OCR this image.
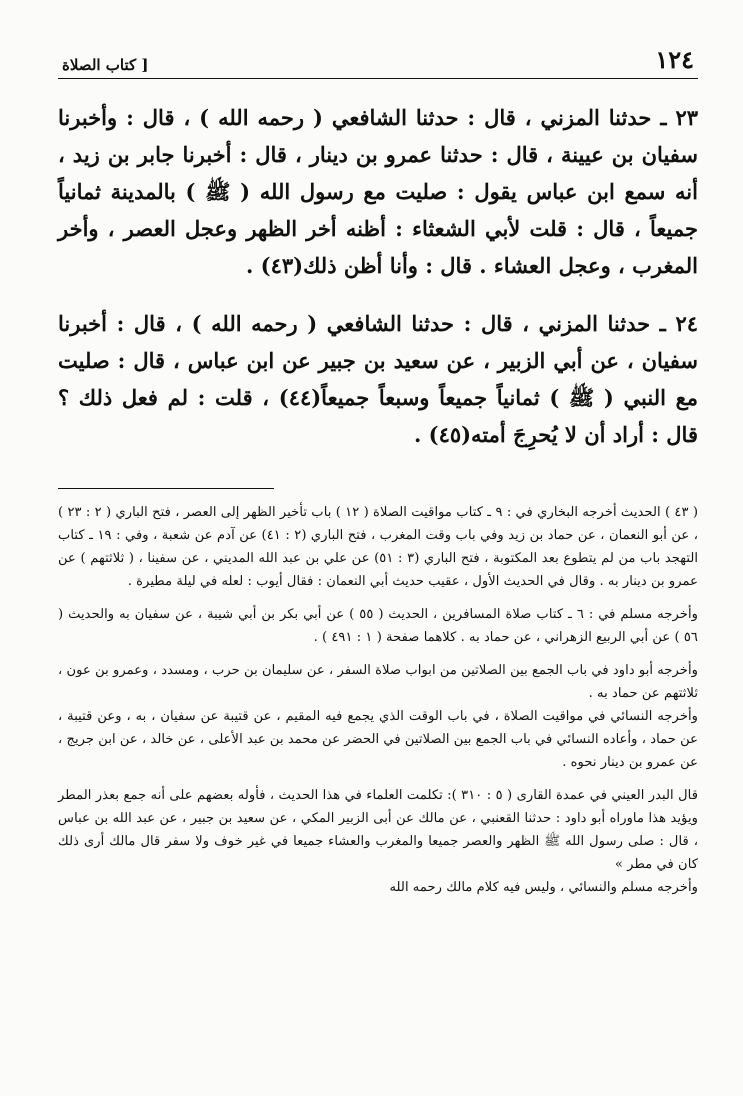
١٢٤
[ كتاب الصلاة

٢٣ ـ حدثنا المزني ، قال : حدثنا الشافعي ( رحمه الله ) ، قال : وأخبرنا سفيان بن عيينة ، قال : حدثنا عمرو بن دينار ، قال : أخبرنا جابر بن زيد ، أنه سمع ابن عباس يقول : صليت مع رسول الله ( ﷺ ) بالمدينة ثمانياً جميعاً ، قال : قلت لأبي الشعثاء : أظنه أخر الظهر وعجل العصر ، وأخر المغرب ، وعجل العشاء . قال : وأنا أظن ذلك(٤٣) .

٢٤ ـ حدثنا المزني ، قال : حدثنا الشافعي ( رحمه الله ) ، قال : أخبرنا سفيان ، عن أبي الزبير ، عن سعيد بن جبير عن ابن عباس ، قال : صليت مع النبي ( ﷺ ) ثمانياً جميعاً وسبعاً جميعاً(٤٤) ، قلت : لم فعل ذلك ؟ قال : أراد أن لا يُحرِجَ أمته(٤٥) .

( ٤٣ ) الحديث أخرجه البخاري في : ٩ ـ كتاب مواقيت الصلاة ( ١٢ ) باب تأخير الظهر إلى العصر ، فتح الباري ( ٢ : ٢٣ ) ، عن أبو النعمان ، عن حماد بن زيد وفي باب وقت المغرب ، فتح الباري (٢ : ٤١) عن آدم عن شعبة ، وفي : ١٩ ـ كتاب التهجد باب من لم يتطوع بعد المكتوبة ، فتح الباري (٣ : ٥١) عن علي بن عبد الله المديني ، عن سفينا ، ( ثلاثتهم ) عن عمرو بن دينار به . وقال في الحديث الأول ، عقيب حديث أبي النعمان : فقال أيوب : لعله في ليلة مطيرة .

وأخرجه مسلم في : ٦ ـ كتاب صلاة المسافرين ، الحديث ( ٥٥ ) عن أبي بكر بن أبي شيبة ، عن سفيان به والحديث ( ٥٦ ) عن أبي الربيع الزهراني ، عن حماد به . كلاهما صفحة ( ١ : ٤٩١ ) .

وأخرجه أبو داود في باب الجمع بين الصلاتين من ابواب صلاة السفر ، عن سليمان بن حرب ، ومسدد ، وعمرو بن عون ، ثلاثتهم عن حماد به .

وأخرجه النسائي في مواقيت الصلاة ، في باب الوقت الذي يجمع فيه المقيم ، عن قتيبة عن سفيان ، به ، وعن قتيبة ، عن حماد ، وأعاده النسائي في باب الجمع بين الصلاتين في الحضر عن محمد بن عبد الأعلى ، عن خالد ، عن ابن جريج ، عن عمرو بن دينار نحوه .

قال البدر العيني في عمدة القارى ( ٥ : ٣١٠ ): تكلمت العلماء في هذا الحديث ، فأوله بعضهم على أنه جمع بعذر المطر ويؤيد هذا ماوراه أبو داود : حدثنا القعنبي ، عن مالك عن أبى الزبير المكي ، عن سعيد بن جبير ، عن عبد الله بن عباس ، قال : صلى رسول الله ﷺ الظهر والعصر جميعا والمغرب والعشاء جميعا في غير خوف ولا سفر قال مالك أرى ذلك كان في مطر »

وأخرجه مسلم والنسائي ، وليس فيه كلام مالك رحمه الله
